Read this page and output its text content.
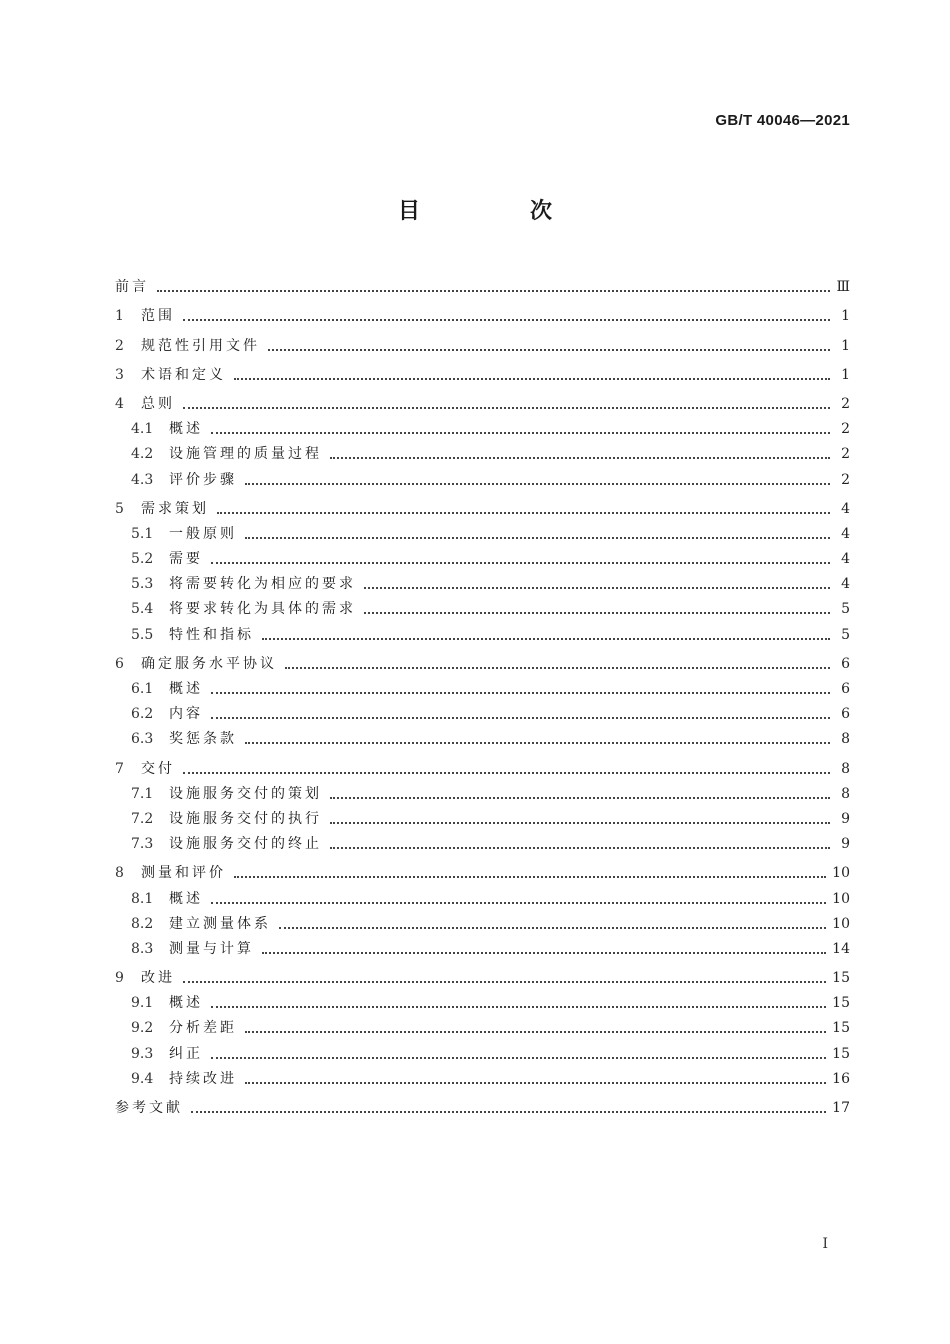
GB/T 40046—2021
目　次
前言	Ⅲ
1	范围	1
2	规范性引用文件	1
3	术语和定义	1
4	总则	2
4.1	概述	2
4.2	设施管理的质量过程	2
4.3	评价步骤	2
5	需求策划	4
5.1	一般原则	4
5.2	需要	4
5.3	将需要转化为相应的要求	4
5.4	将要求转化为具体的需求	5
5.5	特性和指标	5
6	确定服务水平协议	6
6.1	概述	6
6.2	内容	6
6.3	奖惩条款	8
7	交付	8
7.1	设施服务交付的策划	8
7.2	设施服务交付的执行	9
7.3	设施服务交付的终止	9
8	测量和评价	10
8.1	概述	10
8.2	建立测量体系	10
8.3	测量与计算	14
9	改进	15
9.1	概述	15
9.2	分析差距	15
9.3	纠正	15
9.4	持续改进	16
参考文献	17
I
